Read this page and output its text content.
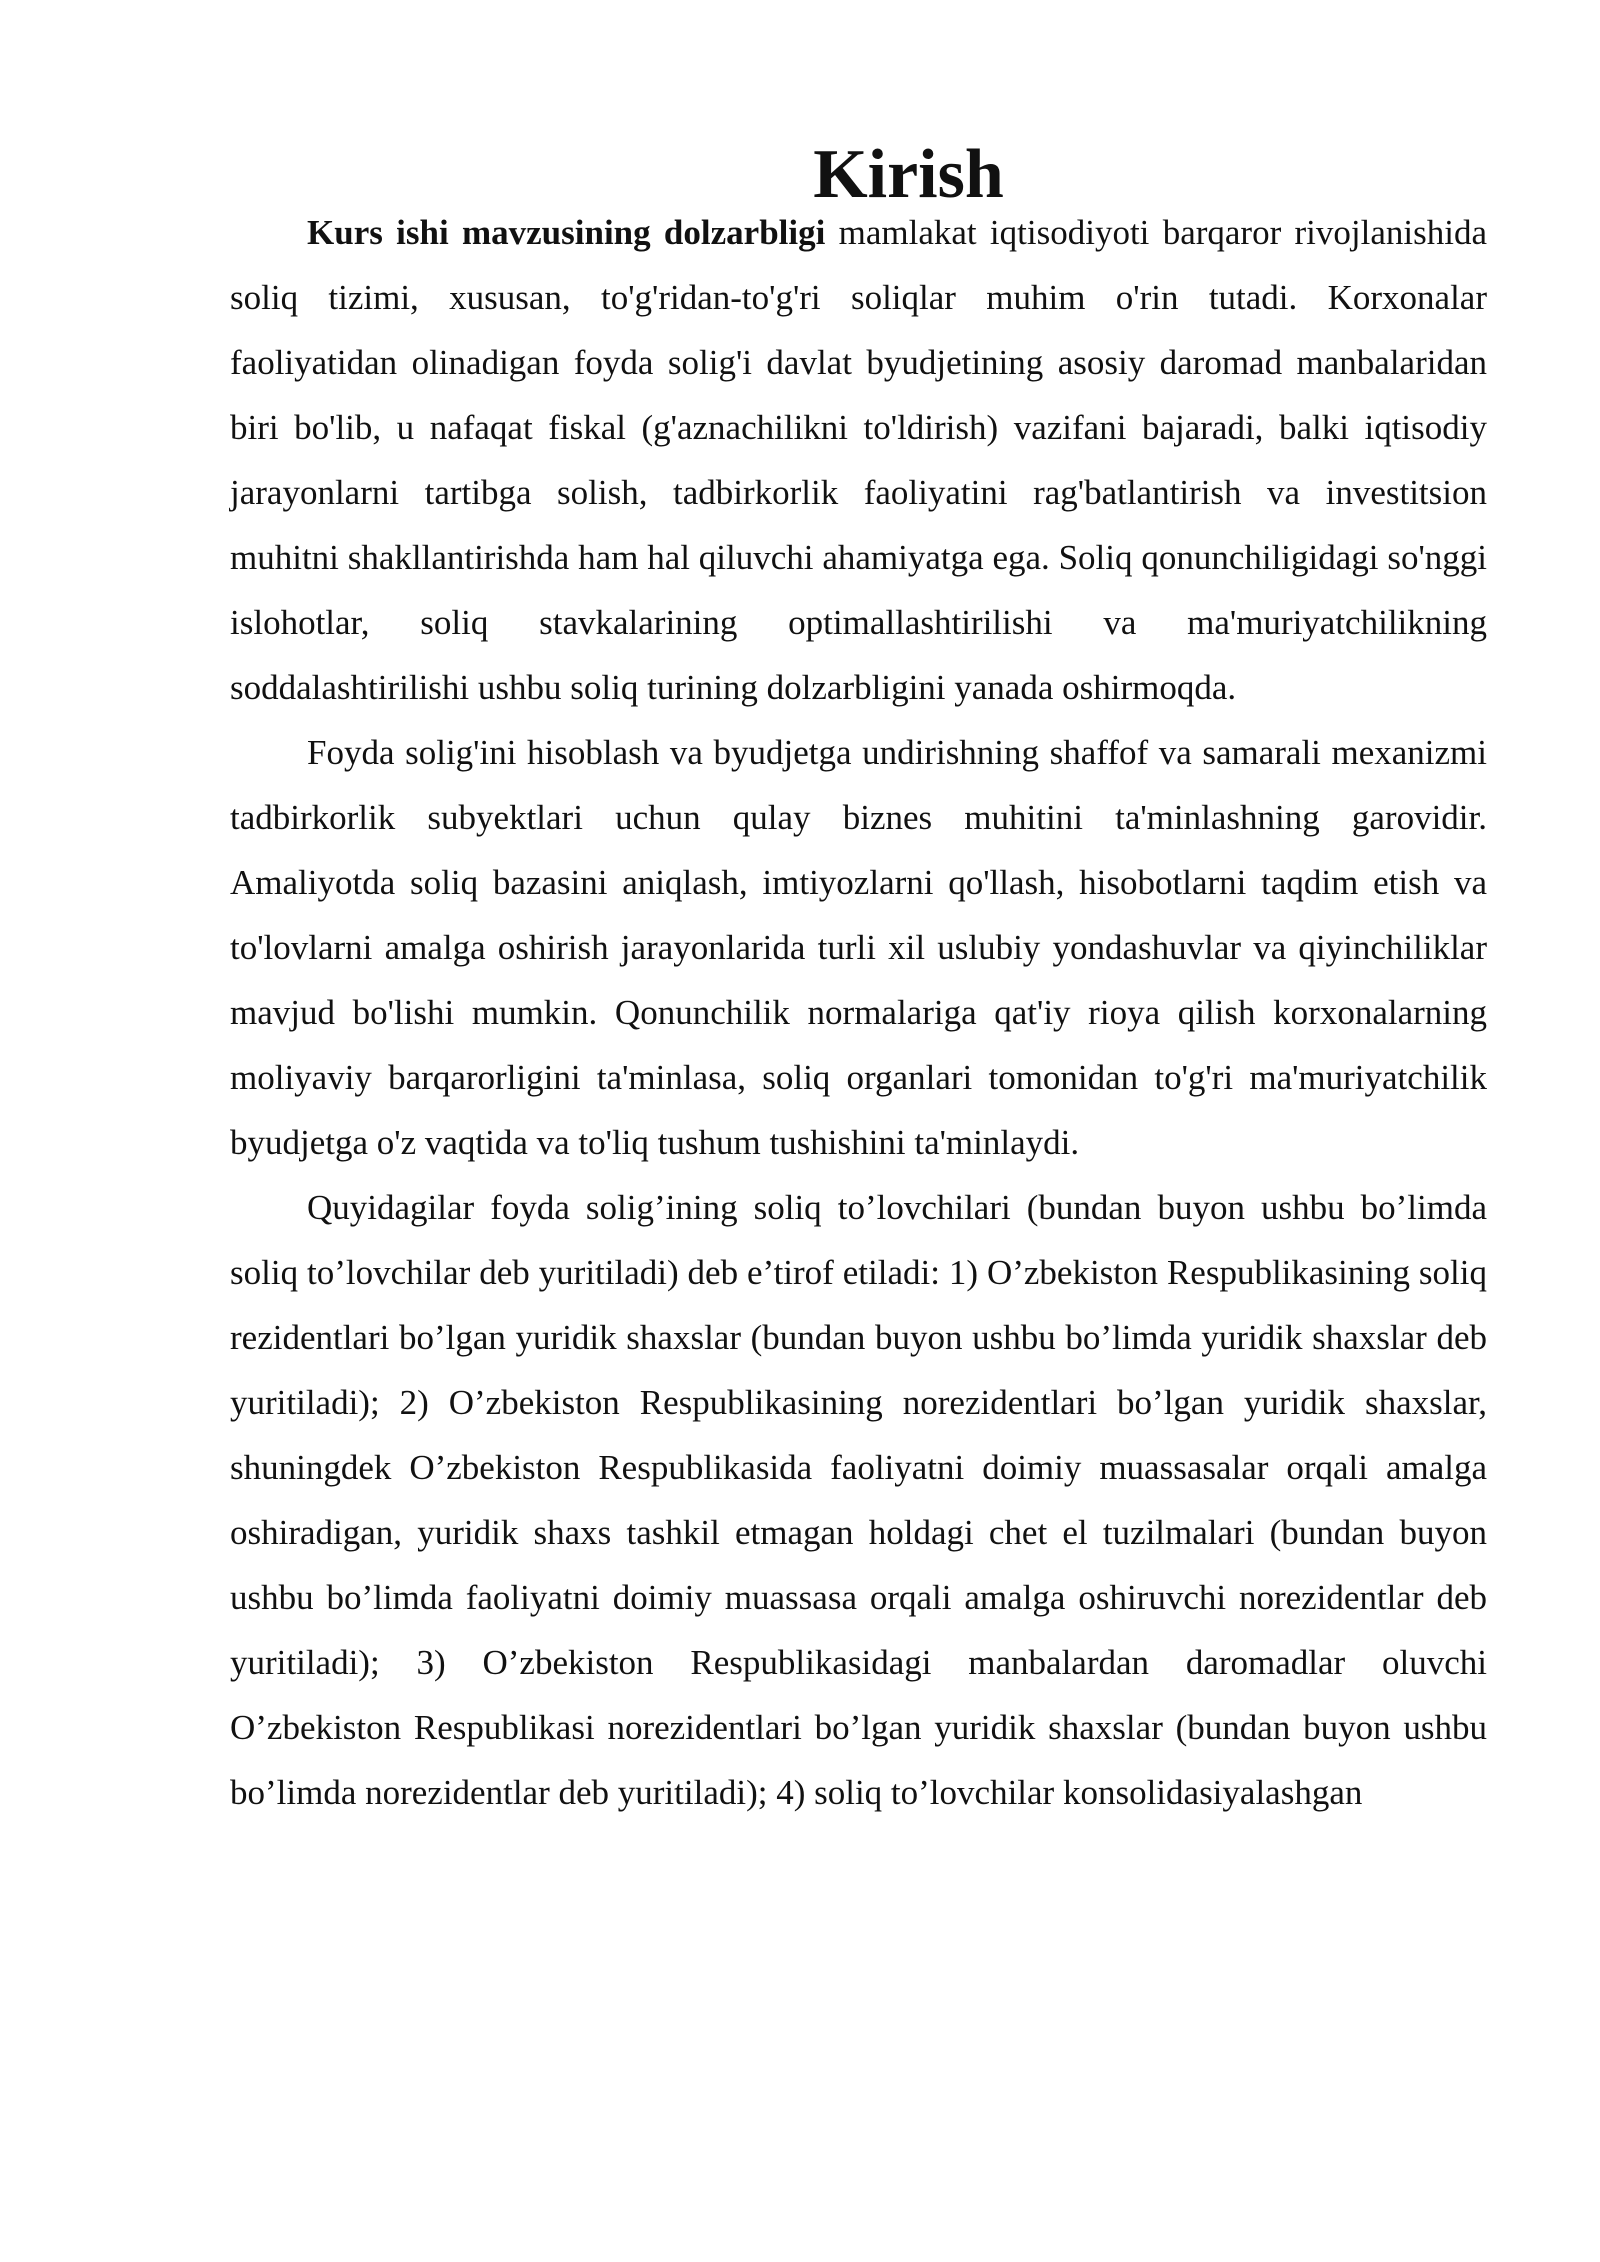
Kirish

Kurs ishi mavzusining dolzarbligi mamlakat iqtisodiyoti barqaror rivojlanishida soliq tizimi, xususan, to'g'ridan-to'g'ri soliqlar muhim o'rin tutadi. Korxonalar faoliyatidan olinadigan foyda solig'i davlat byudjetining asosiy daromad manbalaridan biri bo'lib, u nafaqat fiskal (g'aznachilikni to'ldirish) vazifani bajaradi, balki iqtisodiy jarayonlarni tartibga solish, tadbirkorlik faoliyatini rag'batlantirish va investitsion muhitni shakllantirishda ham hal qiluvchi ahamiyatga ega. Soliq qonunchiligidagi so'nggi islohotlar, soliq stavkalarining optimallashtirilishi va ma'muriyatchilikning soddalashtirilishi ushbu soliq turining dolzarbligini yanada oshirmoqda.

Foyda solig'ini hisoblash va byudjetga undirishning shaffof va samarali mexanizmi tadbirkorlik subyektlari uchun qulay biznes muhitini ta'minlashning garovidir. Amaliyotda soliq bazasini aniqlash, imtiyozlarni qo'llash, hisobotlarni taqdim etish va to'lovlarni amalga oshirish jarayonlarida turli xil uslubiy yondashuvlar va qiyinchiliklar mavjud bo'lishi mumkin. Qonunchilik normalariga qat'iy rioya qilish korxonalarning moliyaviy barqarorligini ta'minlasa, soliq organlari tomonidan to'g'ri ma'muriyatchilik byudjetga o'z vaqtida va to'liq tushum tushishini ta'minlaydi.

Quyidagilar foyda solig’ining soliq to’lovchilari (bundan buyon ushbu bo’limda soliq to’lovchilar deb yuritiladi) deb e’tirof etiladi: 1) O’zbekiston Respublikasining soliq rezidentlari bo’lgan yuridik shaxslar (bundan buyon ushbu bo’limda yuridik shaxslar deb yuritiladi); 2) O’zbekiston Respublikasining norezidentlari bo’lgan yuridik shaxslar, shuningdek O’zbekiston Respublikasida faoliyatni doimiy muassasalar orqali amalga oshiradigan, yuridik shaxs tashkil etmagan holdagi chet el tuzilmalari (bundan buyon ushbu bo’limda faoliyatni doimiy muassasa orqali amalga oshiruvchi norezidentlar deb yuritiladi); 3) O’zbekiston Respublikasidagi manbalardan daromadlar oluvchi O’zbekiston Respublikasi norezidentlari bo’lgan yuridik shaxslar (bundan buyon ushbu bo’limda norezidentlar deb yuritiladi); 4) soliq to’lovchilar konsolidasiyalashgan
